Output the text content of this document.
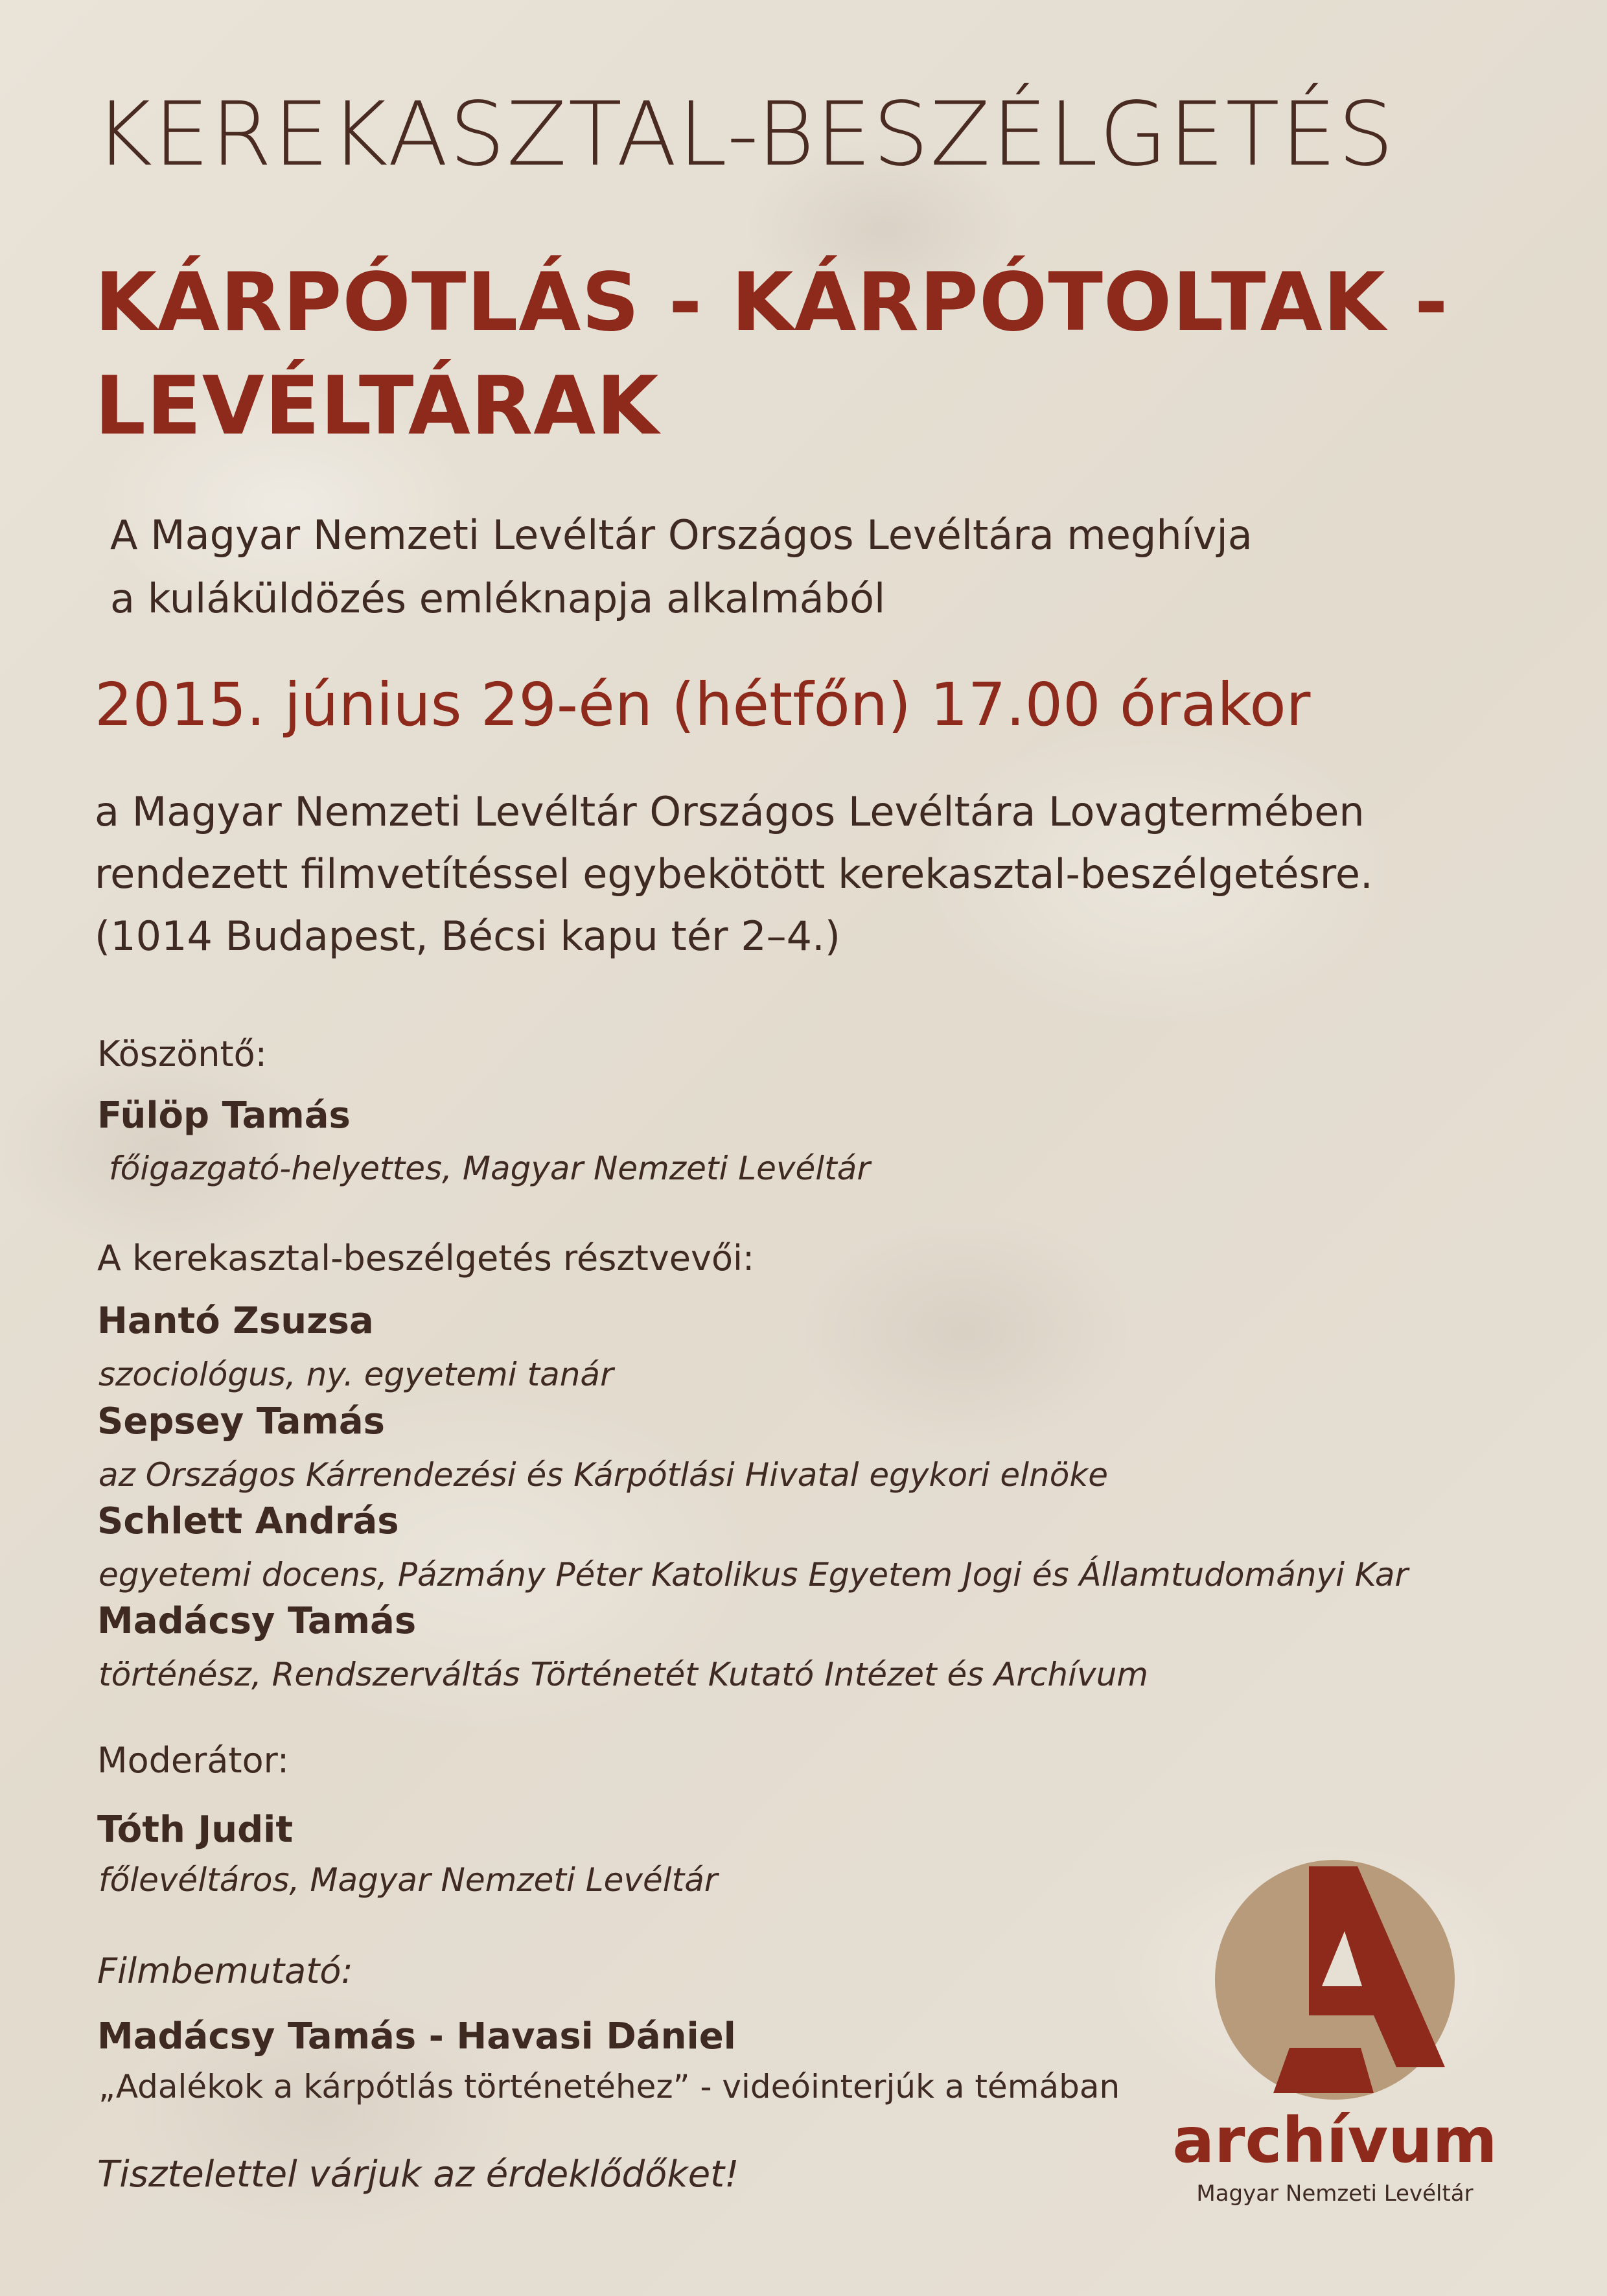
KEREKASZTAL-BESZÉLGETÉS
KÁRPÓTLÁS - KÁRPÓTOLTAK -
LEVÉLTÁRAK
A Magyar Nemzeti Levéltár Országos Levéltára meghívja
a kuláküldözés emléknapja alkalmából
2015. június 29-én (hétfőn) 17.00 órakor
a Magyar Nemzeti Levéltár Országos Levéltára Lovagtermében
rendezett filmvetítéssel egybekötött kerekasztal-beszélgetésre.
(1014 Budapest, Bécsi kapu tér 2–4.)
Köszöntő:
Fülöp Tamás
főigazgató-helyettes, Magyar Nemzeti Levéltár
A kerekasztal-beszélgetés résztvevői:
Hantó Zsuzsa
szociológus, ny. egyetemi tanár
Sepsey Tamás
az Országos Kárrendezési és Kárpótlási Hivatal egykori elnöke
Schlett András
egyetemi docens, Pázmány Péter Katolikus Egyetem Jogi és Államtudományi Kar
Madácsy Tamás
történész, Rendszerváltás Történetét Kutató Intézet és Archívum
Moderátor:
Tóth Judit
főlevéltáros, Magyar Nemzeti Levéltár
Filmbemutató:
Madácsy Tamás - Havasi Dániel
„Adalékok a kárpótlás történetéhez” - videóinterjúk a témában
Tisztelettel várjuk az érdeklődőket!	archívum
Magyar Nemzeti Levéltár
